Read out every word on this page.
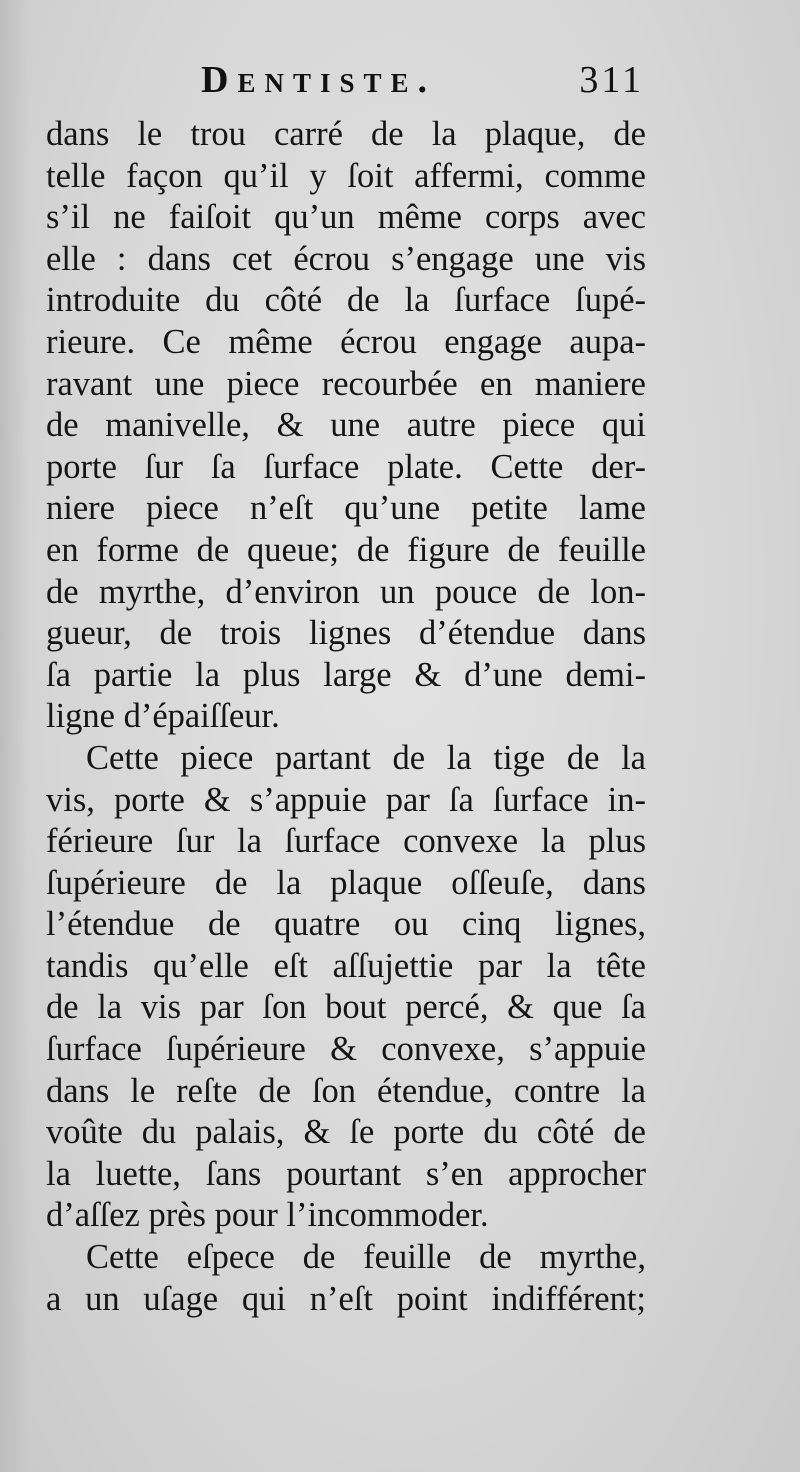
Dentiste.	311
dans le trou carré de la plaque, de
telle façon qu’il y ſoit affermi, comme
s’il ne faiſoit qu’un même corps avec
elle : dans cet écrou s’engage une vis
introduite du côté de la ſurface ſupé-
rieure. Ce même écrou engage aupa-
ravant une piece recourbée en maniere
de manivelle, & une autre piece qui
porte ſur ſa ſurface plate. Cette der-
niere piece n’eſt qu’une petite lame
en forme de queue; de figure de feuille
de myrthe, d’environ un pouce de lon-
gueur, de trois lignes d’étendue dans
ſa partie la plus large & d’une demi-
ligne d’épaiſſeur.
Cette piece partant de la tige de la
vis, porte & s’appuie par ſa ſurface in-
férieure ſur la ſurface convexe la plus
ſupérieure de la plaque oſſeuſe, dans
l’étendue de quatre ou cinq lignes,
tandis qu’elle eſt aſſujettie par la tête
de la vis par ſon bout percé, & que ſa
ſurface ſupérieure & convexe, s’appuie
dans le reſte de ſon étendue, contre la
voûte du palais, & ſe porte du côté de
la luette, ſans pourtant s’en approcher
d’aſſez près pour l’incommoder.
Cette eſpece de feuille de myrthe,
a un uſage qui n’eſt point indifférent;
